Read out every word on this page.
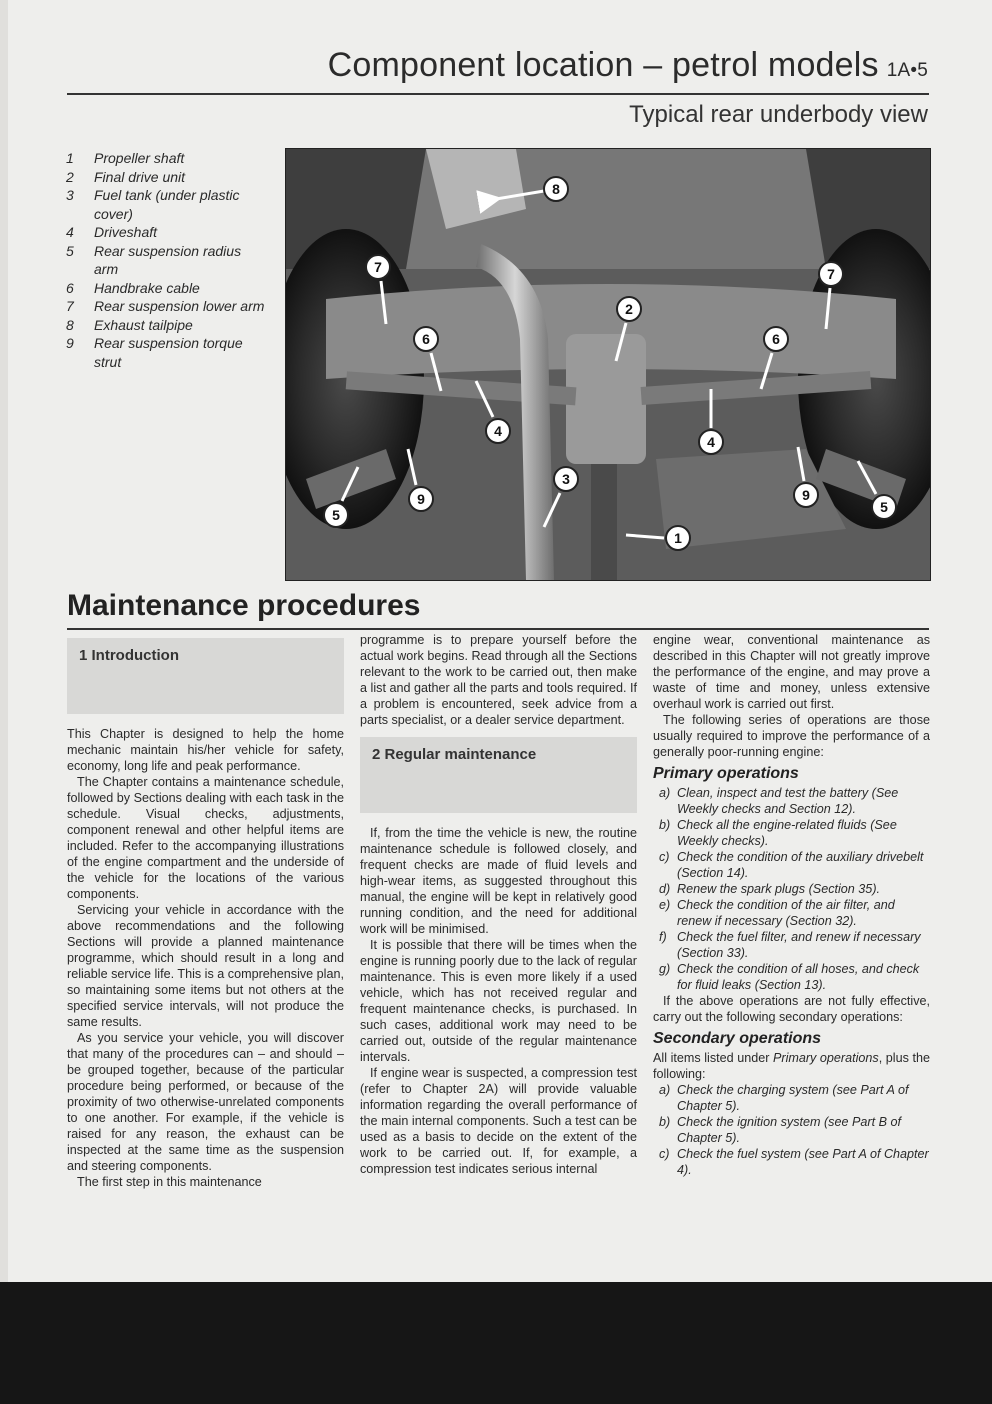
Component location – petrol models 1A•5
Typical rear underbody view
1 Propeller shaft
2 Final drive unit
3 Fuel tank (under plastic cover)
4 Driveshaft
5 Rear suspension radius arm
6 Handbrake cable
7 Rear suspension lower arm
8 Exhaust tailpipe
9 Rear suspension torque strut
8
7	7
2
6	6
4
4
3
9	9
5	5
1
Maintenance procedures
1 Introduction

This Chapter is designed to help the home mechanic maintain his/her vehicle for safety, economy, long life and peak performance.

The Chapter contains a maintenance schedule, followed by Sections dealing with each task in the schedule. Visual checks, adjustments, component renewal and other helpful items are included. Refer to the accompanying illustrations of the engine compartment and the underside of the vehicle for the locations of the various components.

Servicing your vehicle in accordance with the above recommendations and the following Sections will provide a planned maintenance programme, which should result in a long and reliable service life. This is a comprehensive plan, so maintaining some items but not others at the specified service intervals, will not produce the same results.

As you service your vehicle, you will discover that many of the procedures can – and should – be grouped together, because of the particular procedure being performed, or because of the proximity of two otherwise-unrelated components to one another. For example, if the vehicle is raised for any reason, the exhaust can be inspected at the same time as the suspension and steering components.

The first step in this maintenance

programme is to prepare yourself before the actual work begins. Read through all the Sections relevant to the work to be carried out, then make a list and gather all the parts and tools required. If a problem is encountered, seek advice from a parts specialist, or a dealer service department.

2 Regular maintenance

If, from the time the vehicle is new, the routine maintenance schedule is followed closely, and frequent checks are made of fluid levels and high-wear items, as suggested throughout this manual, the engine will be kept in relatively good running condition, and the need for additional work will be minimised.

It is possible that there will be times when the engine is running poorly due to the lack of regular maintenance. This is even more likely if a used vehicle, which has not received regular and frequent maintenance checks, is purchased. In such cases, additional work may need to be carried out, outside of the regular maintenance intervals.

If engine wear is suspected, a compression test (refer to Chapter 2A) will provide valuable information regarding the overall performance of the main internal components. Such a test can be used as a basis to decide on the extent of the work to be carried out. If, for example, a compression test indicates serious internal

engine wear, conventional maintenance as described in this Chapter will not greatly improve the performance of the engine, and may prove a waste of time and money, unless extensive overhaul work is carried out first.

The following series of operations are those usually required to improve the performance of a generally poor-running engine:

Primary operations
a) Clean, inspect and test the battery (See Weekly checks and Section 12).
b) Check all the engine-related fluids (See Weekly checks).
c) Check the condition of the auxiliary drivebelt (Section 14).
d) Renew the spark plugs (Section 35).
e) Check the condition of the air filter, and renew if necessary (Section 32).
f) Check the fuel filter, and renew if necessary (Section 33).
g) Check the condition of all hoses, and check for fluid leaks (Section 13).

If the above operations are not fully effective, carry out the following secondary operations:

Secondary operations

All items listed under Primary operations, plus the following:

a) Check the charging system (see Part A of Chapter 5).
b) Check the ignition system (see Part B of Chapter 5).
c) Check the fuel system (see Part A of Chapter 4).
